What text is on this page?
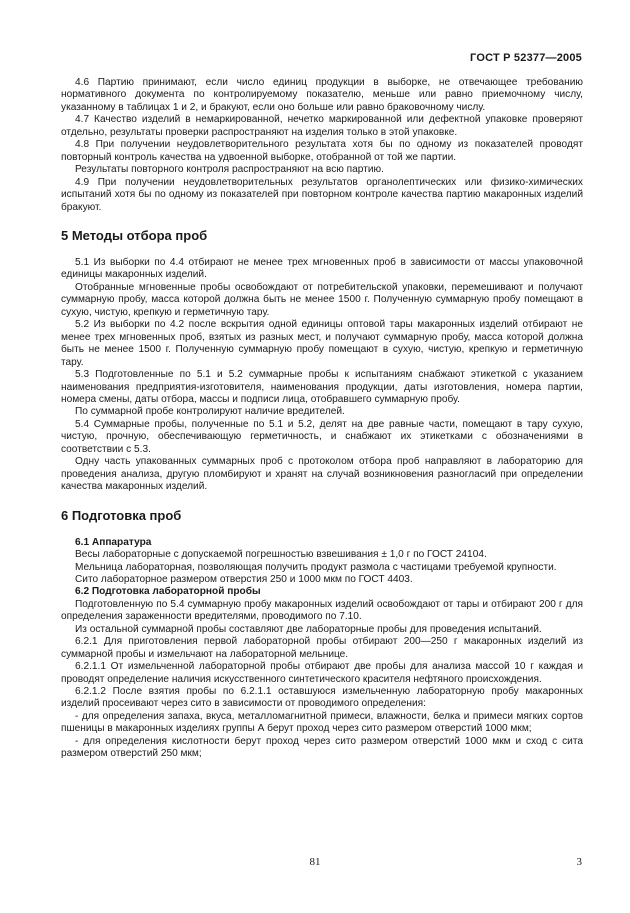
ГОСТ Р 52377—2005

4.6 Партию принимают, если число единиц продукции в выборке, не отвечающее требованию нормативного документа по контролируемому показателю, меньше или равно приемочному числу, указанному в таблицах 1 и 2, и бракуют, если оно больше или равно браковочному числу.

4.7 Качество изделий в немаркированной, нечетко маркированной или дефектной упаковке проверяют отдельно, результаты проверки распространяют на изделия только в этой упаковке.

4.8 При получении неудовлетворительного результата хотя бы по одному из показателей проводят повторный контроль качества на удвоенной выборке, отобранной от той же партии.

Результаты повторного контроля распространяют на всю партию.

4.9 При получении неудовлетворительных результатов органолептических или физико-химических испытаний хотя бы по одному из показателей при повторном контроле качества партию макаронных изделий бракуют.

5 Методы отбора проб

5.1 Из выборки по 4.4 отбирают не менее трех мгновенных проб в зависимости от массы упаковочной единицы макаронных изделий.

Отобранные мгновенные пробы освобождают от потребительской упаковки, перемешивают и получают суммарную пробу, масса которой должна быть не менее 1500 г. Полученную суммарную пробу помещают в сухую, чистую, крепкую и герметичную тару.

5.2 Из выборки по 4.2 после вскрытия одной единицы оптовой тары макаронных изделий отбирают не менее трех мгновенных проб, взятых из разных мест, и получают суммарную пробу, масса которой должна быть не менее 1500 г. Полученную суммарную пробу помещают в сухую, чистую, крепкую и герметичную тару.

5.3 Подготовленные по 5.1 и 5.2 суммарные пробы к испытаниям снабжают этикеткой с указанием наименования предприятия-изготовителя, наименования продукции, даты изготовления, номера партии, номера смены, даты отбора, массы и подписи лица, отобравшего суммарную пробу.

По суммарной пробе контролируют наличие вредителей.

5.4 Суммарные пробы, полученные по 5.1 и 5.2, делят на две равные части, помещают в тару сухую, чистую, прочную, обеспечивающую герметичность, и снабжают их этикетками с обозначениями в соответствии с 5.3.

Одну часть упакованных суммарных проб с протоколом отбора проб направляют в лабораторию для проведения анализа, другую пломбируют и хранят на случай возникновения разногласий при определении качества макаронных изделий.

6 Подготовка проб
6.1 Аппаратура

Весы лабораторные с допускаемой погрешностью взвешивания ± 1,0 г по ГОСТ 24104.

Мельница лабораторная, позволяющая получить продукт размола с частицами требуемой крупности.

Сито лабораторное размером отверстия 250 и 1000 мкм по ГОСТ 4403.

6.2 Подготовка лабораторной пробы

Подготовленную по 5.4 суммарную пробу макаронных изделий освобождают от тары и отбирают 200 г для определения зараженности вредителями, проводимого по 7.10.

Из остальной суммарной пробы составляют две лабораторные пробы для проведения испытаний.

6.2.1 Для приготовления первой лабораторной пробы отбирают 200—250 г макаронных изделий из суммарной пробы и измельчают на лабораторной мельнице.

6.2.1.1 От измельченной лабораторной пробы отбирают две пробы для анализа массой 10 г каждая и проводят определение наличия искусственного синтетического красителя нефтяного происхождения.

6.2.1.2 После взятия пробы по 6.2.1.1 оставшуюся измельченную лабораторную пробу макаронных изделий просеивают через сито в зависимости от проводимого определения:

- для определения запаха, вкуса, металломагнитной примеси, влажности, белка и примеси мягких сортов пшеницы в макаронных изделиях группы А берут проход через сито размером отверстий 1000 мкм;

- для определения кислотности берут проход через сито размером отверстий 1000 мкм и сход с сита размером отверстий 250 мкм;

81	3
